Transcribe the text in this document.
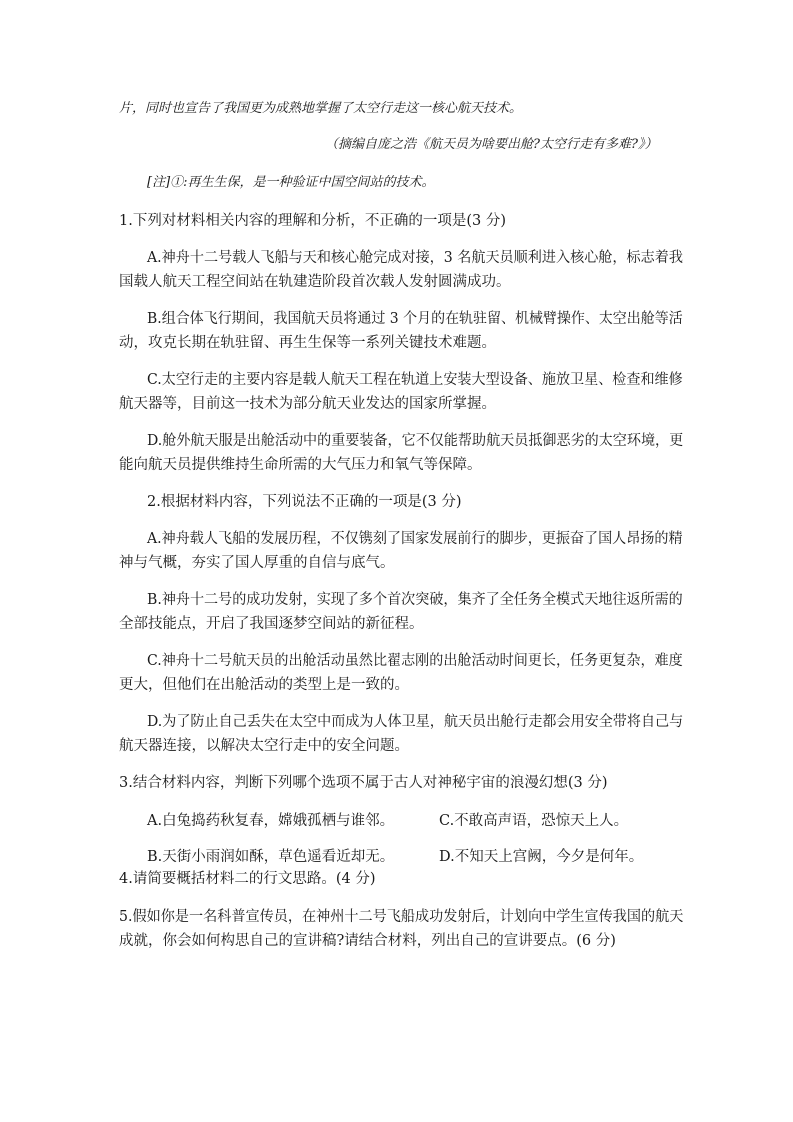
片，同时也宣告了我国更为成熟地掌握了太空行走这一核心航天技术。
（摘编自庞之浩《航天员为啥要出舱?太空行走有多难?》）
[注]①:再生生保，是一种验证中国空间站的技术。
1.下列对材料相关内容的理解和分析，不正确的一项是(3 分)
A.神舟十二号载人飞船与天和核心舱完成对接，3 名航天员顺利进入核心舱，标志着我
国载人航天工程空间站在轨建造阶段首次载人发射圆满成功。
B.组合体飞行期间，我国航天员将通过 3 个月的在轨驻留、机械臂操作、太空出舱等活
动，攻克长期在轨驻留、再生生保等一系列关键技术难题。
C.太空行走的主要内容是载人航天工程在轨道上安装大型设备、施放卫星、检查和维修
航天器等，目前这一技术为部分航天业发达的国家所掌握。
D.舱外航天服是出舱活动中的重要装备，它不仅能帮助航天员抵御恶劣的太空环境，更
能向航天员提供维持生命所需的大气压力和氧气等保障。
2.根据材料内容，下列说法不正确的一项是(3 分)
A.神舟载人飞船的发展历程，不仅镌刻了国家发展前行的脚步，更振奋了国人昂扬的精
神与气概，夯实了国人厚重的自信与底气。
B.神舟十二号的成功发射，实现了多个首次突破，集齐了全任务全模式天地往返所需的
全部技能点，开启了我国逐梦空间站的新征程。
C.神舟十二号航天员的出舱活动虽然比翟志刚的出舱活动时间更长，任务更复杂，难度
更大，但他们在出舱活动的类型上是一致的。
D.为了防止自己丢失在太空中而成为人体卫星，航天员出舱行走都会用安全带将自己与
航天器连接，以解决太空行走中的安全问题。
3.结合材料内容，判断下列哪个选项不属于古人对神秘宇宙的浪漫幻想(3 分)
A.白兔捣药秋复春，嫦娥孤栖与谁邻。	C.不敢高声语，恐惊天上人。
B.天街小雨润如酥，草色遥看近却无。	D.不知天上宫阙，今夕是何年。
4.请简要概括材料二的行文思路。(4 分)
5.假如你是一名科普宣传员，在神州十二号飞船成功发射后，计划向中学生宣传我国的航天
成就，你会如何构思自己的宣讲稿?请结合材料，列出自己的宣讲要点。(6 分)
